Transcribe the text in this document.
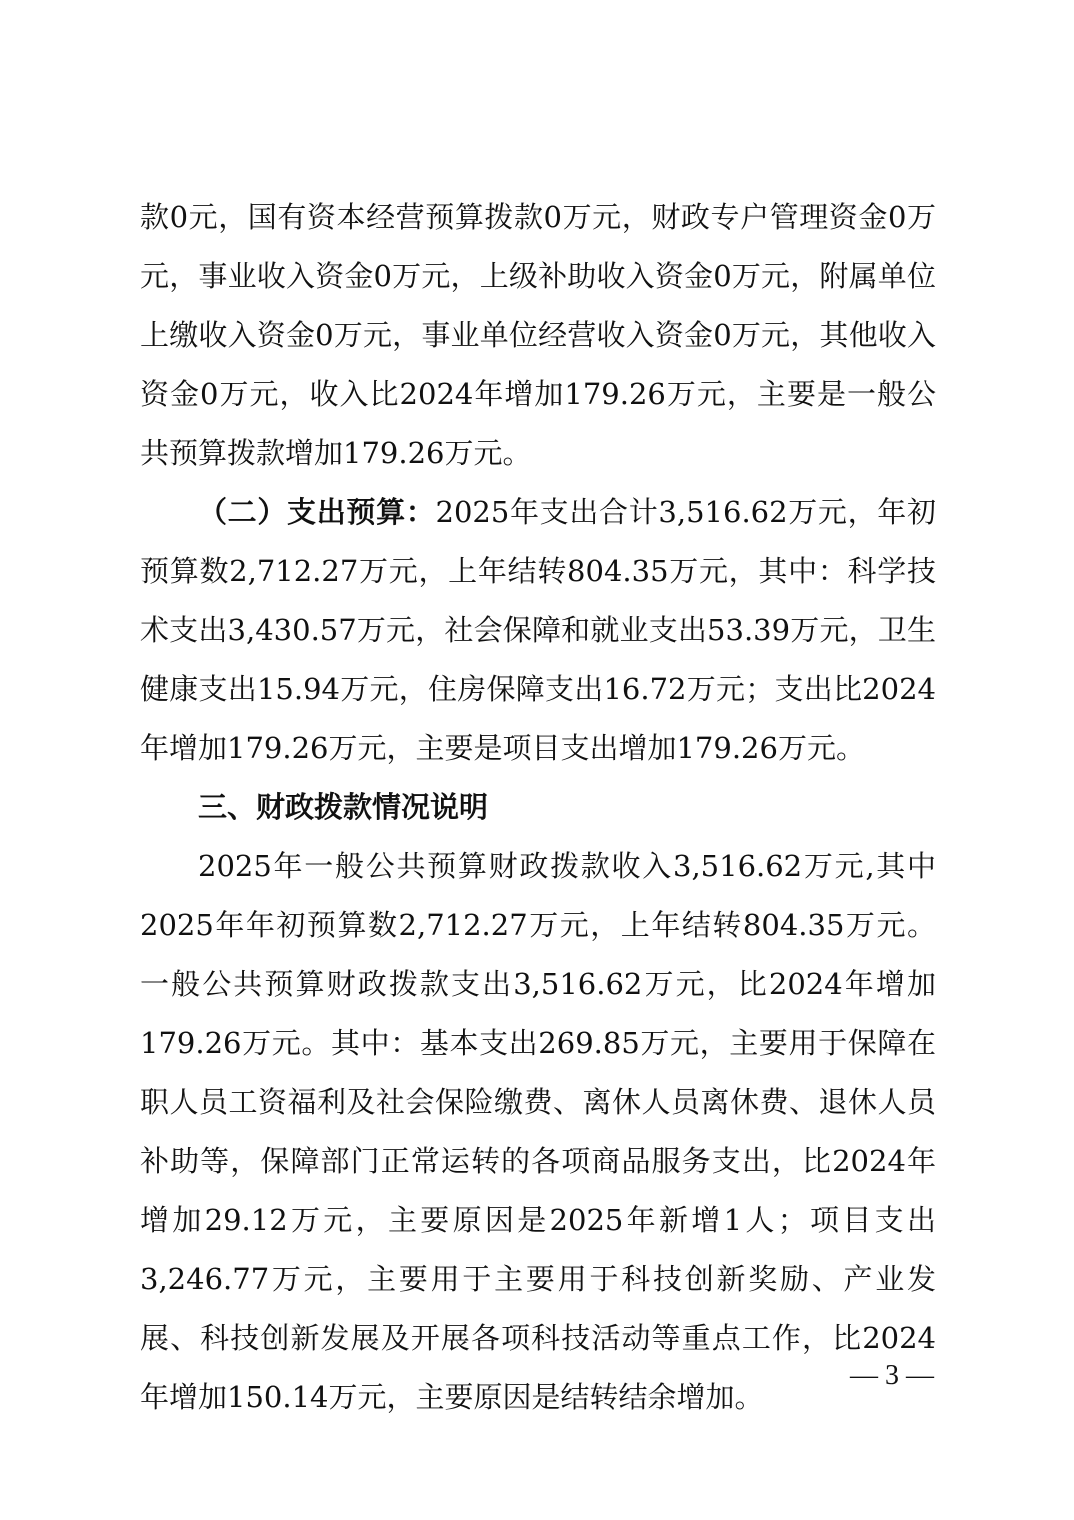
款0元，国有资本经营预算拨款0万元，财政专户管理资金0万元，事业收入资金0万元，上级补助收入资金0万元，附属单位上缴收入资金0万元，事业单位经营收入资金0万元，其他收入资金0万元，收入比2024年增加179.26万元，主要是一般公共预算拨款增加179.26万元。

（二）支出预算：2025年支出合计3,516.62万元，年初预算数2,712.27万元，上年结转804.35万元，其中：科学技术支出3,430.57万元，社会保障和就业支出53.39万元，卫生健康支出15.94万元，住房保障支出16.72万元；支出比2024年增加179.26万元，主要是项目支出增加179.26万元。

三、财政拨款情况说明

2025年一般公共预算财政拨款收入3,516.62万元,其中2025年年初预算数2,712.27万元，上年结转804.35万元。一般公共预算财政拨款支出3,516.62万元，比2024年增加179.26万元。其中：基本支出269.85万元，主要用于保障在职人员工资福利及社会保险缴费、离休人员离休费、退休人员补助等，保障部门正常运转的各项商品服务支出，比2024年增加29.12万元，主要原因是2025年新增1人；项目支出3,246.77万元，主要用于主要用于科技创新奖励、产业发展、科技创新发展及开展各项科技活动等重点工作，比2024年增加150.14万元，主要原因是结转结余增加。

— 3 —
